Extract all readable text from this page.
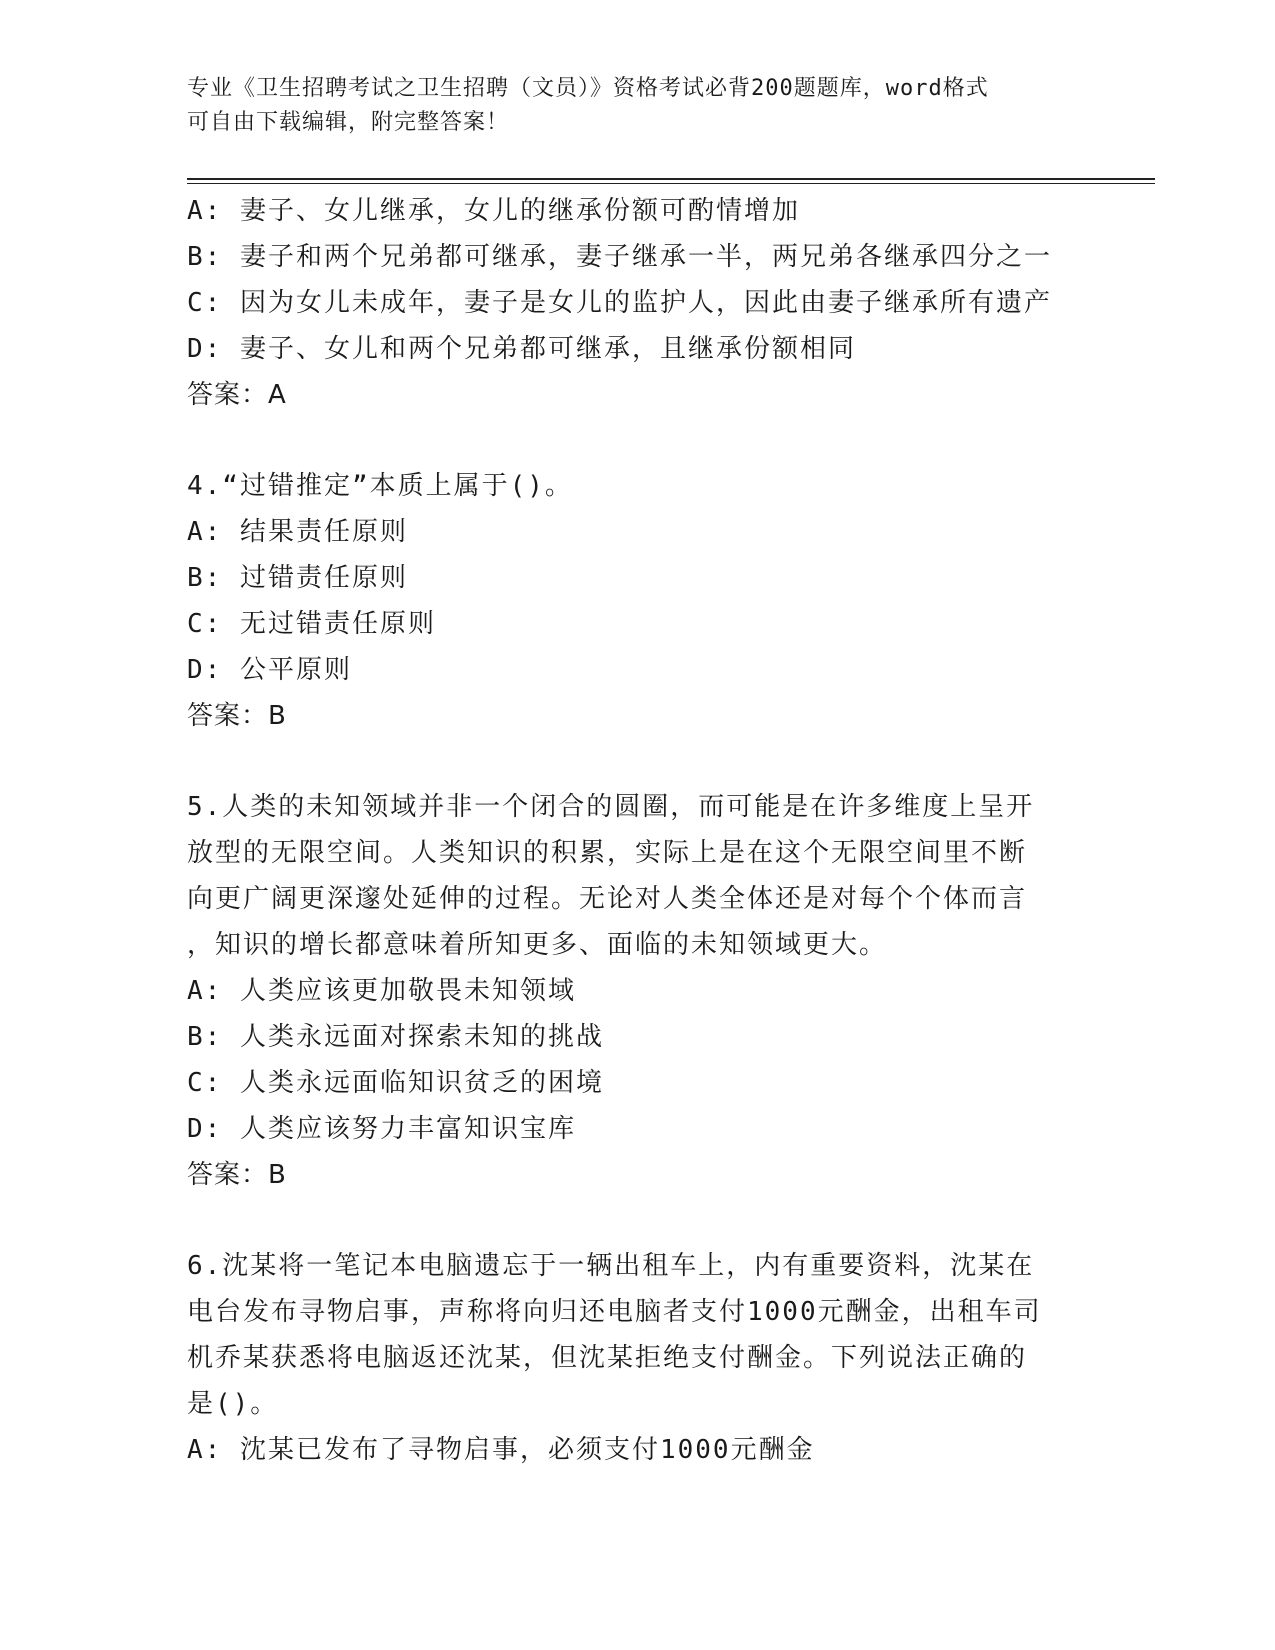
专业《卫生招聘考试之卫生招聘（文员）》资格考试必背200题题库，word格式
可自由下载编辑，附完整答案！
A: 妻子、女儿继承，女儿的继承份额可酌情增加
B: 妻子和两个兄弟都可继承，妻子继承一半，两兄弟各继承四分之一
C: 因为女儿未成年，妻子是女儿的监护人，因此由妻子继承所有遗产
D: 妻子、女儿和两个兄弟都可继承，且继承份额相同
答案：A
4.“过错推定”本质上属于()。
A: 结果责任原则
B: 过错责任原则
C: 无过错责任原则
D: 公平原则
答案：B
5.人类的未知领域并非一个闭合的圆圈，而可能是在许多维度上呈开
放型的无限空间。人类知识的积累，实际上是在这个无限空间里不断
向更广阔更深邃处延伸的过程。无论对人类全体还是对每个个体而言
，知识的增长都意味着所知更多、面临的未知领域更大。
A: 人类应该更加敬畏未知领域
B: 人类永远面对探索未知的挑战
C: 人类永远面临知识贫乏的困境
D: 人类应该努力丰富知识宝库
答案：B
6.沈某将一笔记本电脑遗忘于一辆出租车上，内有重要资料，沈某在
电台发布寻物启事，声称将向归还电脑者支付1000元酬金，出租车司
机乔某获悉将电脑返还沈某，但沈某拒绝支付酬金。下列说法正确的
是()。
A: 沈某已发布了寻物启事，必须支付1000元酬金
